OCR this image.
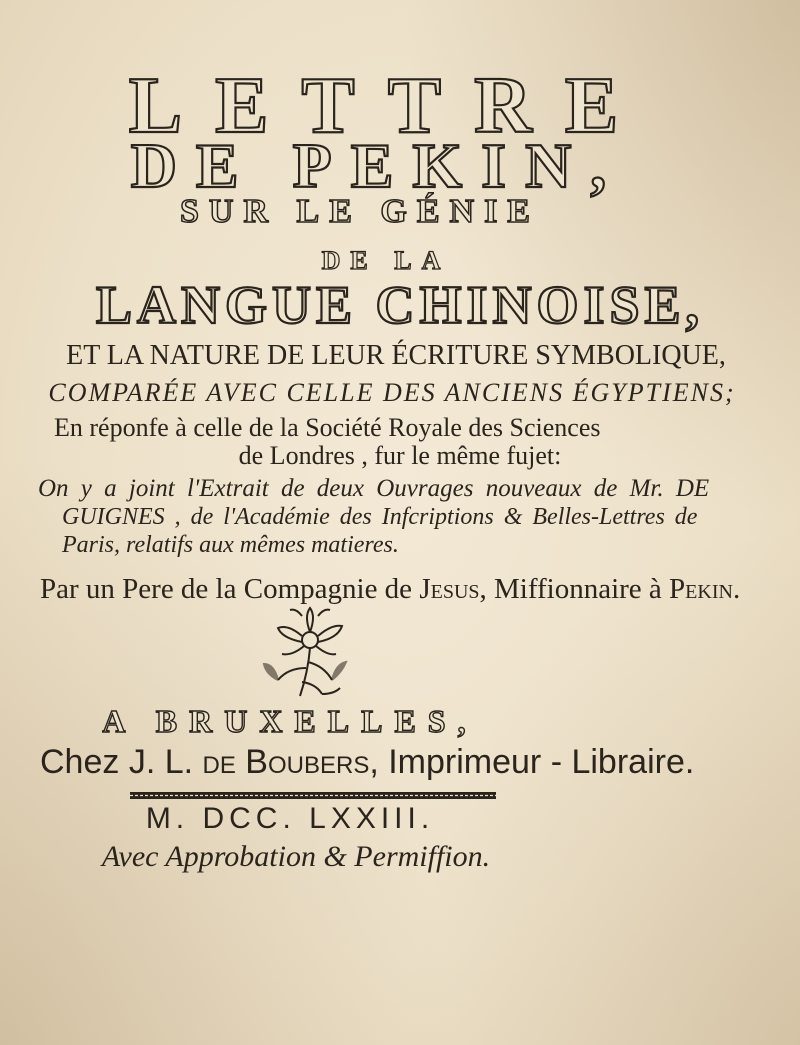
LETTRE
DE PEKIN,
SUR LE GÉNIE
DE LA
LANGUE CHINOISE,
ET LA NATURE DE LEUR ÉCRITURE SYMBOLIQUE,
COMPARÉE AVEC CELLE DES ANCIENS ÉGYPTIENS;
En réponfe à celle de la Société Royale des Sciences
de Londres , fur le même fujet:
On y a joint l'Extrait de deux Ouvrages nouveaux de Mr. DE
GUIGNES , de l'Académie des Infcriptions & Belles-Lettres de
Paris, relatifs aux mêmes matieres.
Par un Pere de la Compagnie de Jesus, Miffionnaire à Pekin.
A BRUXELLES,
Chez J. L. de Boubers, Imprimeur - Libraire.
M. DCC. LXXIII.
Avec Approbation & Permiffion.
